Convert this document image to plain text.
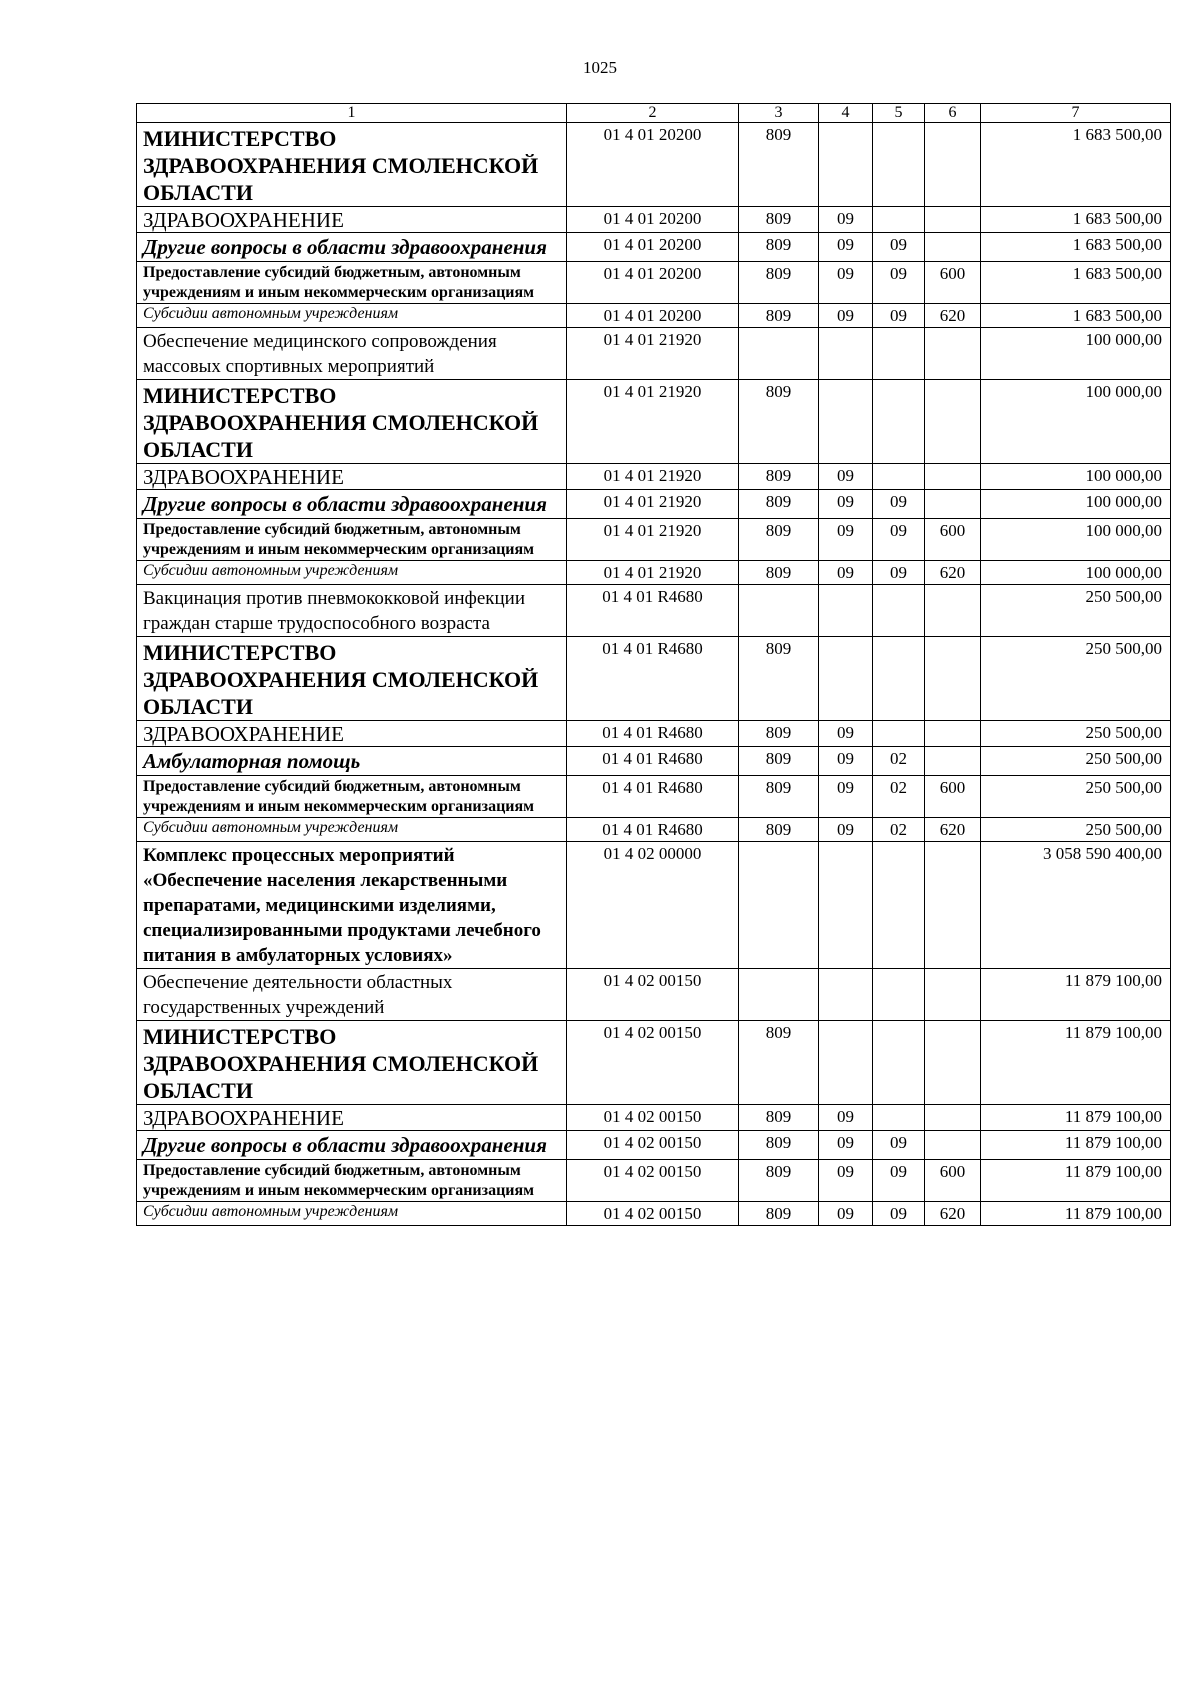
1025
1	2	3	4	5	6	7
МИНИСТЕРСТВО ЗДРАВООХРАНЕНИЯ СМОЛЕНСКОЙ ОБЛАСТИ	01 4 01 20200	809				1 683 500,00
ЗДРАВООХРАНЕНИЕ	01 4 01 20200	809	09			1 683 500,00
Другие вопросы в области здравоохранения	01 4 01 20200	809	09	09		1 683 500,00
Предоставление субсидий бюджетным, автономным учреждениям и иным некоммерческим организациям	01 4 01 20200	809	09	09	600	1 683 500,00
Субсидии автономным учреждениям	01 4 01 20200	809	09	09	620	1 683 500,00
Обеспечение медицинского сопровождения массовых спортивных мероприятий	01 4 01 21920					100 000,00
МИНИСТЕРСТВО ЗДРАВООХРАНЕНИЯ СМОЛЕНСКОЙ ОБЛАСТИ	01 4 01 21920	809				100 000,00
ЗДРАВООХРАНЕНИЕ	01 4 01 21920	809	09			100 000,00
Другие вопросы в области здравоохранения	01 4 01 21920	809	09	09		100 000,00
Предоставление субсидий бюджетным, автономным учреждениям и иным некоммерческим организациям	01 4 01 21920	809	09	09	600	100 000,00
Субсидии автономным учреждениям	01 4 01 21920	809	09	09	620	100 000,00
Вакцинация против пневмококковой инфекции граждан старше трудоспособного возраста	01 4 01 R4680					250 500,00
МИНИСТЕРСТВО ЗДРАВООХРАНЕНИЯ СМОЛЕНСКОЙ ОБЛАСТИ	01 4 01 R4680	809				250 500,00
ЗДРАВООХРАНЕНИЕ	01 4 01 R4680	809	09			250 500,00
Амбулаторная помощь	01 4 01 R4680	809	09	02		250 500,00
Предоставление субсидий бюджетным, автономным учреждениям и иным некоммерческим организациям	01 4 01 R4680	809	09	02	600	250 500,00
Субсидии автономным учреждениям	01 4 01 R4680	809	09	02	620	250 500,00
Комплекс процессных мероприятий «Обеспечение населения лекарственными препаратами, медицинскими изделиями, специализированными продуктами лечебного питания в амбулаторных условиях»	01 4 02 00000					3 058 590 400,00
Обеспечение деятельности областных государственных учреждений	01 4 02 00150					11 879 100,00
МИНИСТЕРСТВО ЗДРАВООХРАНЕНИЯ СМОЛЕНСКОЙ ОБЛАСТИ	01 4 02 00150	809				11 879 100,00
ЗДРАВООХРАНЕНИЕ	01 4 02 00150	809	09			11 879 100,00
Другие вопросы в области здравоохранения	01 4 02 00150	809	09	09		11 879 100,00
Предоставление субсидий бюджетным, автономным учреждениям и иным некоммерческим организациям	01 4 02 00150	809	09	09	600	11 879 100,00
Субсидии автономным учреждениям	01 4 02 00150	809	09	09	620	11 879 100,00
